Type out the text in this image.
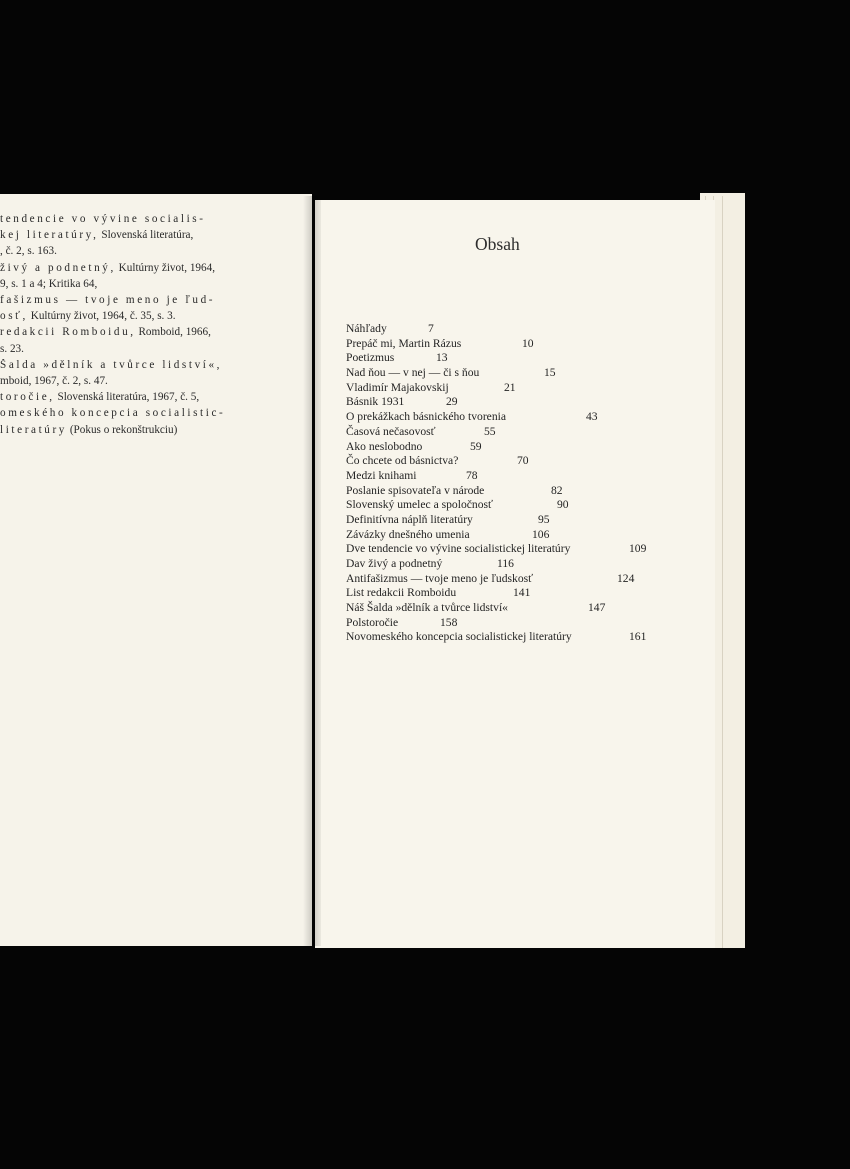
tendencie vo vývine socialis-
kej literatúry, Slovenská literatúra,
, č. 2, s. 163.
živý a podnetný, Kultúrny život, 1964,
9, s. 1 a 4; Kritika 64,
fašizmus — tvoje meno je ľud-
osť, Kultúrny život, 1964, č. 35, s. 3.
redakcii Romboidu, Romboid, 1966,
s. 23.
Šalda »dělník a tvůrce lidství«,
mboid, 1967, č. 2, s. 47.
toročie, Slovenská literatúra, 1967, č. 5,
omeského koncepcia socialistic-
literatúry (Pokus o rekonštrukciu)
Obsah
Náhľady	7
Prepáč mi, Martin Rázus	10
Poetizmus	13
Nad ňou — v nej — či s ňou	15
Vladimír Majakovskij	21
Básnik 1931	29
O prekážkach básnického tvorenia	43
Časová nečasovosť	55
Ako neslobodno	59
Čo chcete od básnictva?	70
Medzi knihami	78
Poslanie spisovateľa v národe	82
Slovenský umelec a spoločnosť	90
Definitívna náplň literatúry	95
Závázky dnešného umenia	106
Dve tendencie vo vývine socialistickej literatúry	109
Dav živý a podnetný	116
Antifašizmus — tvoje meno je ľudskosť	124
List redakcii Romboidu	141
Náš Šalda »dělník a tvůrce lidství«	147
Polstoročie	158
Novomeského koncepcia socialistickej literatúry	161
